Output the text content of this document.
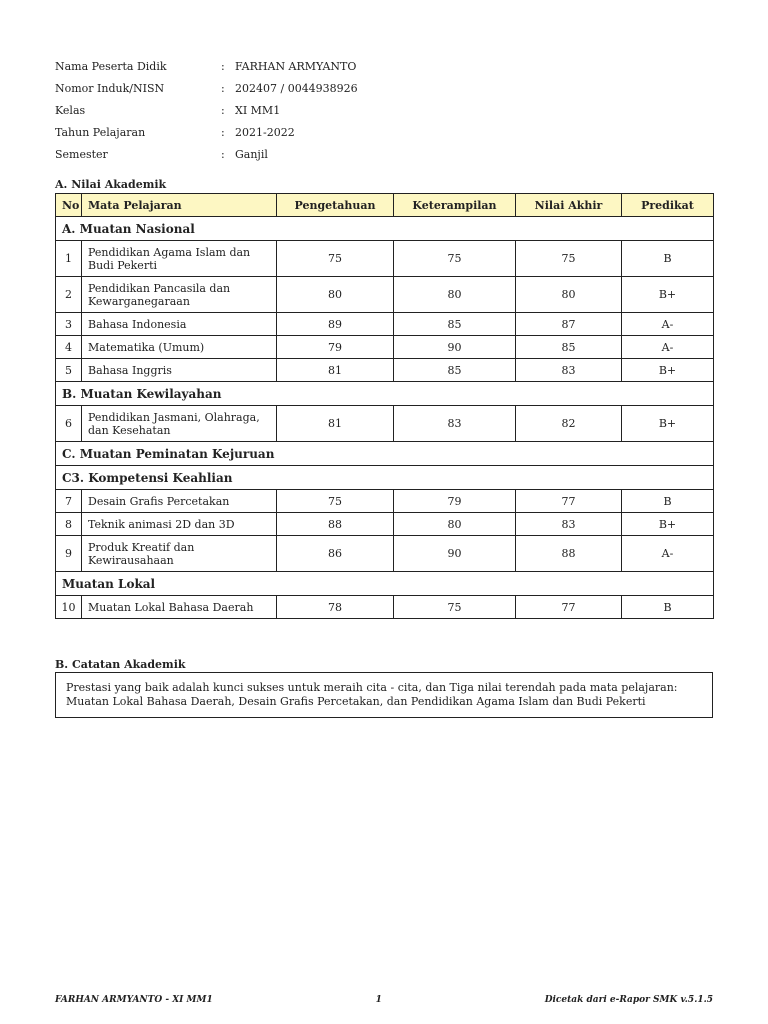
Nama Peserta Didik	: FARHAN ARMYANTO
Nomor Induk/NISN	: 202407 / 0044938926
Kelas	: XI MM1
Tahun Pelajaran	: 2021-2022
Semester	: Ganjil
A. Nilai Akademik
No	Mata Pelajaran	Pengetahuan	Keterampilan	Nilai Akhir	Predikat
A. Muatan Nasional					
1	Pendidikan Agama Islam dan Budi Pekerti	75	75	75	B
2	Pendidikan Pancasila dan Kewarganegaraan	80	80	80	B+
3	Bahasa Indonesia	89	85	87	A-
4	Matematika (Umum)	79	90	85	A-
5	Bahasa Inggris	81	85	83	B+
B. Muatan Kewilayahan					
6	Pendidikan Jasmani, Olahraga, dan Kesehatan	81	83	82	B+
C. Muatan Peminatan Kejuruan					
C3. Kompetensi Keahlian					
7	Desain Grafis Percetakan	75	79	77	B
8	Teknik animasi 2D dan 3D	88	80	83	B+
9	Produk Kreatif dan Kewirausahaan	86	90	88	A-
Muatan Lokal					
10	Muatan Lokal Bahasa Daerah	78	75	77	B
B. Catatan Akademik
Prestasi yang baik adalah kunci sukses untuk meraih cita - cita, dan Tiga nilai terendah pada mata pelajaran: Muatan Lokal Bahasa Daerah, Desain Grafis Percetakan, dan Pendidikan Agama Islam dan Budi Pekerti
FARHAN ARMYANTO - XI MM1	1	Dicetak dari e-Rapor SMK v.5.1.5
